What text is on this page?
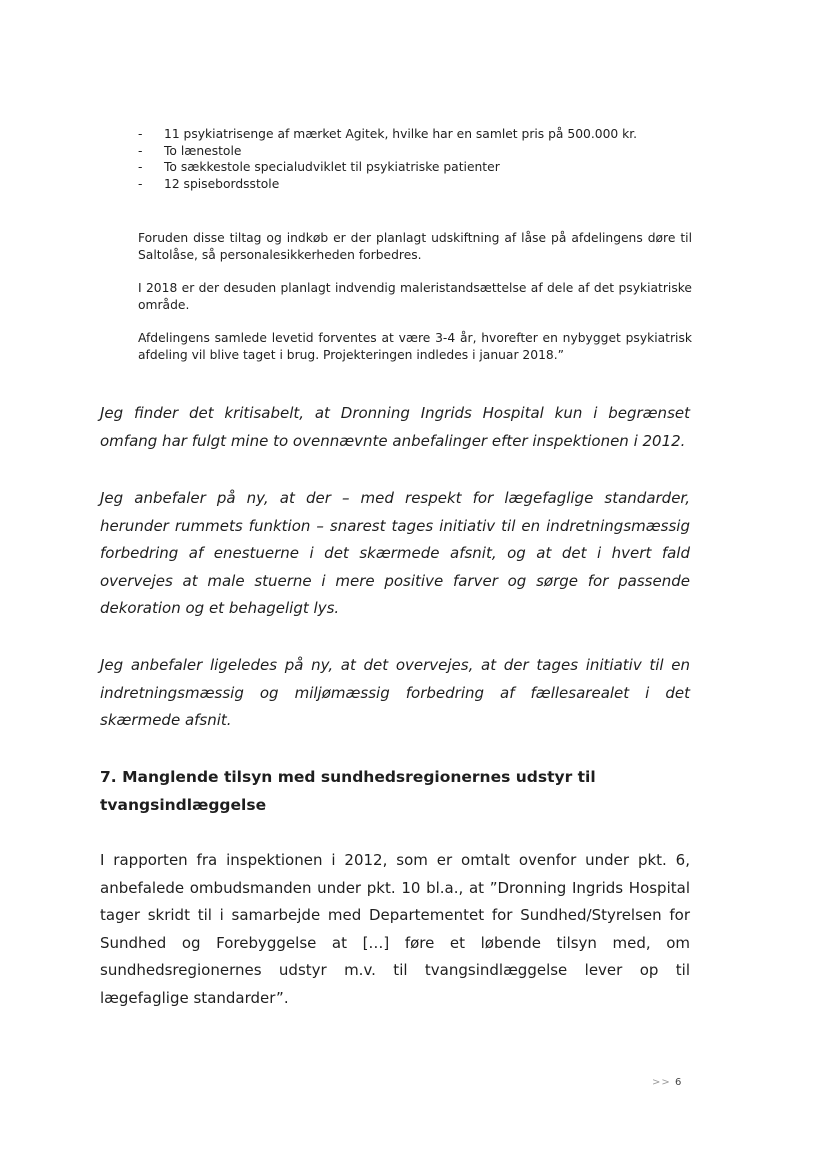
- 11 psykiatrisenge af mærket Agitek, hvilke har en samlet pris på 500.000 kr.
- To lænestole
- To sækkestole specialudviklet til psykiatriske patienter
- 12 spisebordsstole

Foruden disse tiltag og indkøb er der planlagt udskiftning af låse på afdelingens døre til Saltolåse, så personalesikkerheden forbedres.

I 2018 er der desuden planlagt indvendig maleristandsættelse af dele af det psykiatriske område.

Afdelingens samlede levetid forventes at være 3-4 år, hvorefter en nybygget psykiatrisk afdeling vil blive taget i brug. Projekteringen indledes i januar 2018.”

Jeg finder det kritisabelt, at Dronning Ingrids Hospital kun i begrænset omfang har fulgt mine to ovennævnte anbefalinger efter inspektionen i 2012.

Jeg anbefaler på ny, at der – med respekt for lægefaglige standarder, herunder rummets funktion – snarest tages initiativ til en indretningsmæssig forbedring af enestuerne i det skærmede afsnit, og at det i hvert fald overvejes at male stuerne i mere positive farver og sørge for passende dekoration og et behageligt lys.

Jeg anbefaler ligeledes på ny, at det overvejes, at der tages initiativ til en indretningsmæssig og miljømæssig forbedring af fællesarealet i det skærmede afsnit.

7. Manglende tilsyn med sundhedsregionernes udstyr til tvangsindlæggelse

I rapporten fra inspektionen i 2012, som er omtalt ovenfor under pkt. 6, anbefalede ombudsmanden under pkt. 10 bl.a., at ”Dronning Ingrids Hospital tager skridt til i samarbejde med Departementet for Sundhed/Styrelsen for Sundhed og Forebyggelse at […] føre et løbende tilsyn med, om sundhedsregionernes udstyr m.v. til tvangsindlæggelse lever op til lægefaglige standarder”.

>> 6
